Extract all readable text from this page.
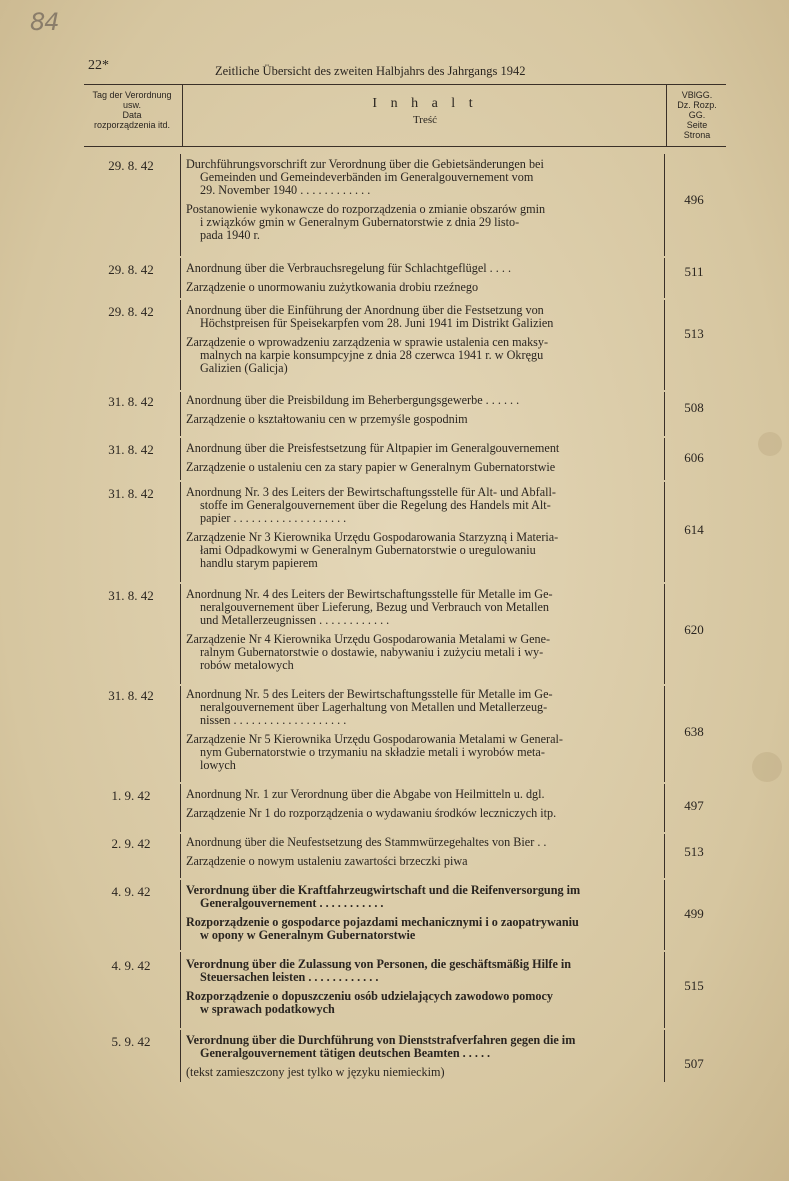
84
22*	Zeitliche Übersicht des zweiten Halbjahrs des Jahrgangs 1942
Tag der Verordnung
usw.
Data
rozporządzenia itd.
I n h a l t
Treść
VBlGG.
Dz. Rozp.
GG.
Seite
Strona
29. 8. 42	Durchführungsvorschrift zur Verordnung über die Gebietsänderungen bei
Gemeinden und Gemeindeverbänden im Generalgouvernement vom
29. November 1940 . . . . . . . . . . . .
Postanowienie wykonawcze do rozporządzenia o zmianie obszarów gmin
i związków gmin w Generalnym Gubernatorstwie z dnia 29 listo-
pada 1940 r.
496
29. 8. 42	Anordnung über die Verbrauchsregelung für Schlachtgeflügel . . . .
Zarządzenie o unormowaniu zużytkowania drobiu rzeźnego
511
29. 8. 42	Anordnung über die Einführung der Anordnung über die Festsetzung von
Höchstpreisen für Speisekarpfen vom 28. Juni 1941 im Distrikt Galizien
Zarządzenie o wprowadzeniu zarządzenia w sprawie ustalenia cen maksy-
malnych na karpie konsumpcyjne z dnia 28 czerwca 1941 r. w Okręgu
Galizien (Galicja)
513
31. 8. 42	Anordnung über die Preisbildung im Beherbergungsgewerbe . . . . . .
Zarządzenie o kształtowaniu cen w przemyśle gospodnim
508
31. 8. 42	Anordnung über die Preisfestsetzung für Altpapier im Generalgouvernement
Zarządzenie o ustaleniu cen za stary papier w Generalnym Gubernatorstwie
606
31. 8. 42	Anordnung Nr. 3 des Leiters der Bewirtschaftungsstelle für Alt- und Abfall-
stoffe im Generalgouvernement über die Regelung des Handels mit Alt-
papier . . . . . . . . . . . . . . . . . . .
Zarządzenie Nr 3 Kierownika Urzędu Gospodarowania Starzyzną i Materia-
łami Odpadkowymi w Generalnym Gubernatorstwie o uregulowaniu
handlu starym papierem
614
31. 8. 42	Anordnung Nr. 4 des Leiters der Bewirtschaftungsstelle für Metalle im Ge-
neralgouvernement über Lieferung, Bezug und Verbrauch von Metallen
und Metallerzeugnissen . . . . . . . . . . . .
Zarządzenie Nr 4 Kierownika Urzędu Gospodarowania Metalami w Gene-
ralnym Gubernatorstwie o dostawie, nabywaniu i zużyciu metali i wy-
robów metalowych
620
31. 8. 42	Anordnung Nr. 5 des Leiters der Bewirtschaftungsstelle für Metalle im Ge-
neralgouvernement über Lagerhaltung von Metallen und Metallerzeug-
nissen . . . . . . . . . . . . . . . . . . .
Zarządzenie Nr 5 Kierownika Urzędu Gospodarowania Metalami w General-
nym Gubernatorstwie o trzymaniu na składzie metali i wyrobów meta-
lowych
638
1. 9. 42	Anordnung Nr. 1 zur Verordnung über die Abgabe von Heilmitteln u. dgl.
Zarządzenie Nr 1 do rozporządzenia o wydawaniu środków leczniczych itp.	497
2. 9. 42	Anordnung über die Neufestsetzung des Stammwürzegehaltes von Bier . .
Zarządzenie o nowym ustaleniu zawartości brzeczki piwa
513
4. 9. 42	Verordnung über die Kraftfahrzeugwirtschaft und die Reifenversorgung im
Generalgouvernement . . . . . . . . . . .
Rozporządzenie o gospodarce pojazdami mechanicznymi i o zaopatrywaniu
w opony w Generalnym Gubernatorstwie
499
4. 9. 42	Verordnung über die Zulassung von Personen, die geschäftsmäßig Hilfe in
Steuersachen leisten . . . . . . . . . . . .
Rozporządzenie o dopuszczeniu osób udzielających zawodowo pomocy
w sprawach podatkowych
515
5. 9. 42	Verordnung über die Durchführung von Dienststrafverfahren gegen die im
Generalgouvernement tätigen deutschen Beamten . . . . .
(tekst zamieszczony jest tylko w języku niemieckim)
507
